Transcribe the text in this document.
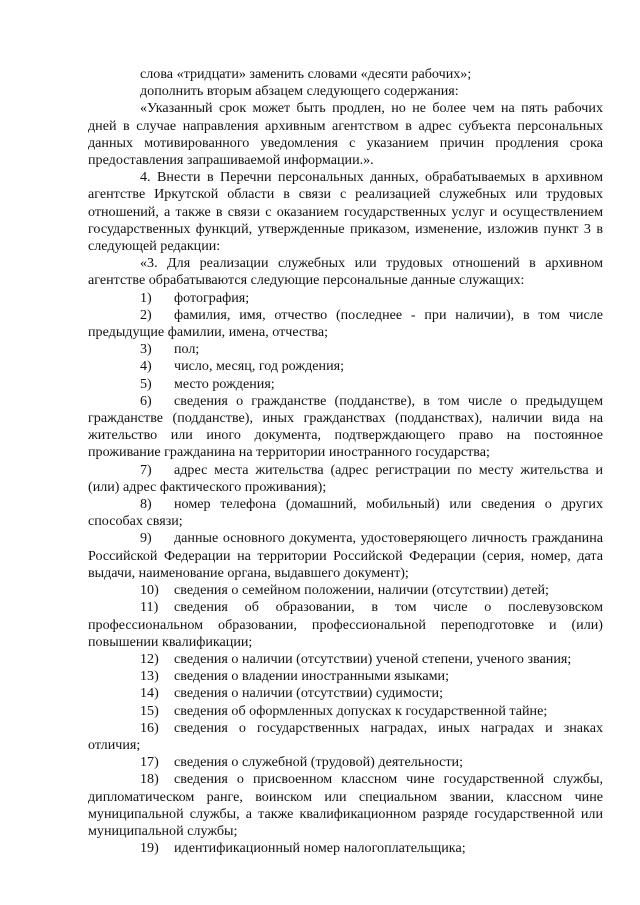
слова «тридцати» заменить словами «десяти рабочих»;

дополнить вторым абзацем следующего содержания:

«Указанный срок может быть продлен, но не более чем на пять рабочих дней в случае направления архивным агентством в адрес субъекта персональных данных мотивированного уведомления с указанием причин продления срока предоставления запрашиваемой информации.».

4. Внести в Перечни персональных данных, обрабатываемых в архивном агентстве Иркутской области в связи с реализацией служебных или трудовых отношений, а также в связи с оказанием государственных услуг и осуществлением государственных функций, утвержденные приказом, изменение, изложив пункт 3 в следующей редакции:

«3. Для реализации служебных или трудовых отношений в архивном агентстве обрабатываются следующие персональные данные служащих:

1) фотография;

2) фамилия, имя, отчество (последнее - при наличии), в том числе предыдущие фамилии, имена, отчества;

3) пол;

4) число, месяц, год рождения;

5) место рождения;

6) сведения о гражданстве (подданстве), в том числе о предыдущем гражданстве (подданстве), иных гражданствах (подданствах), наличии вида на жительство или иного документа, подтверждающего право на постоянное проживание гражданина на территории иностранного государства;

7) адрес места жительства (адрес регистрации по месту жительства и (или) адрес фактического проживания);

8) номер телефона (домашний, мобильный) или сведения о других способах связи;

9) данные основного документа, удостоверяющего личность гражданина Российской Федерации на территории Российской Федерации (серия, номер, дата выдачи, наименование органа, выдавшего документ);

10) сведения о семейном положении, наличии (отсутствии) детей;

11) сведения об образовании, в том числе о послевузовском профессиональном образовании, профессиональной переподготовке и (или) повышении квалификации;

12) сведения о наличии (отсутствии) ученой степени, ученого звания;

13) сведения о владении иностранными языками;

14) сведения о наличии (отсутствии) судимости;

15) сведения об оформленных допусках к государственной тайне;

16) сведения о государственных наградах, иных наградах и знаках отличия;

17) сведения о служебной (трудовой) деятельности;

18) сведения о присвоенном классном чине государственной службы, дипломатическом ранге, воинском или специальном звании, классном чине муниципальной службы, а также квалификационном разряде государственной или муниципальной службы;

19) идентификационный номер налогоплательщика;
